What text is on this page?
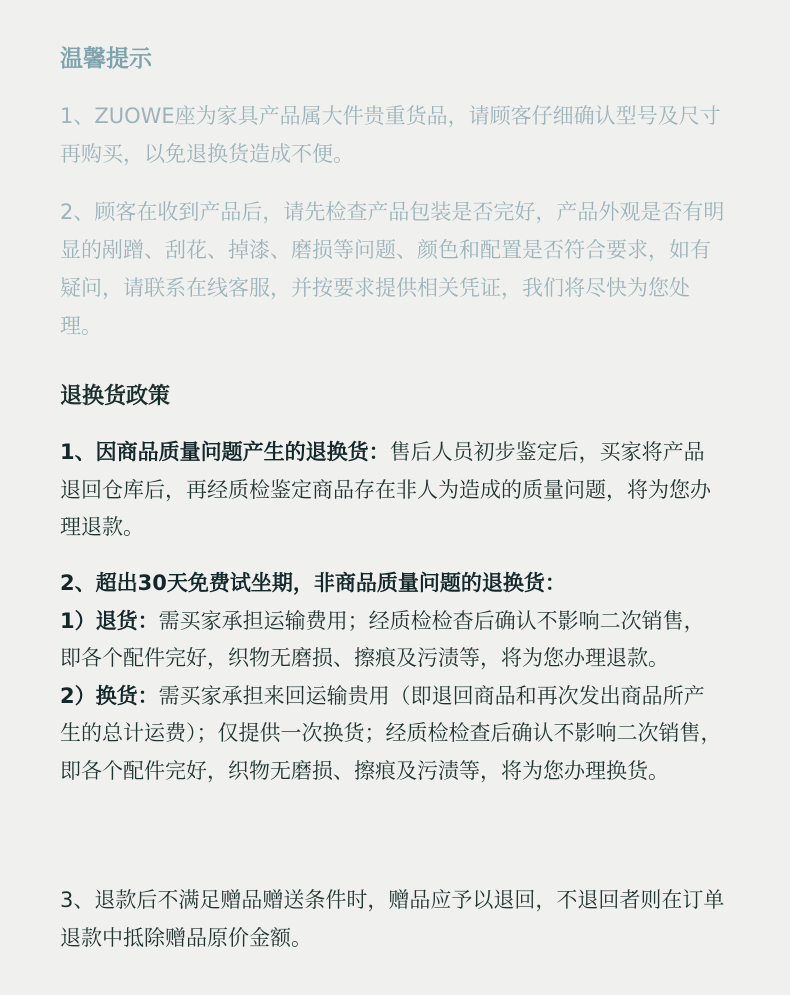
温馨提示

1、ZUOWE座为家具产品属大件贵重货品，请顾客仔细确认型号及尺寸再购买，以免退换货造成不便。

2、顾客在收到产品后，请先检查产品包装是否完好，产品外观是否有明显的剐蹭、刮花、掉漆、磨损等问题、颜色和配置是否符合要求，如有疑问，请联系在线客服，并按要求提供相关凭证，我们将尽快为您处理。

退换货政策

1、因商品质量问题产生的退换货：售后人员初步鉴定后，买家将产品退回仓库后，再经质检鉴定商品存在非人为造成的质量问题，将为您办理退款。

2、超出30天免费试坐期，非商品质量问题的退换货：
1）退货：需买家承担运输费用；经质检检杳后确认不影响二次销售，即各个配件完好，织物无磨损、擦痕及污渍等，将为您办理退款。
2）换货：需买家承担来回运输贵用（即退回商品和再次发出商品所产生的总计运费）；仅提供一次换货；经质检检查后确认不影响二次销售，即各个配件完好，织物无磨损、擦痕及污渍等，将为您办理换货。

3、退款后不满足赠品赠送条件时，赠品应予以退回，不退回者则在订单退款中抵除赠品原价金额。
